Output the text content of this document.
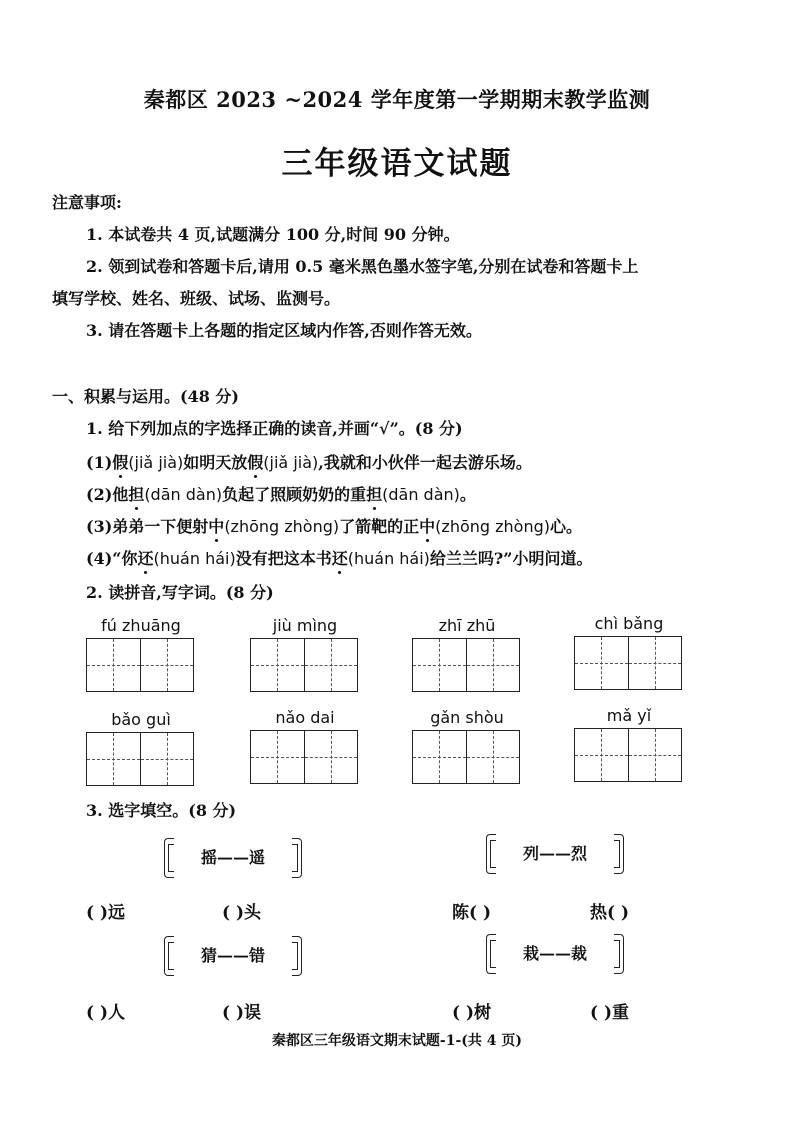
秦都区 2023 ~2024 学年度第一学期期末教学监测
三年级语文试题
注意事项:
1. 本试卷共 4 页,试题满分 100 分,时间 90 分钟。
2. 领到试卷和答题卡后,请用 0.5 毫米黑色墨水签字笔,分别在试卷和答题卡上
填写学校、姓名、班级、试场、监测号。
3. 请在答题卡上各题的指定区域内作答,否则作答无效。
一、积累与运用。(48 分)
1. 给下列加点的字选择正确的读音,并画“√”。(8 分)
(1)假(jiǎ jià)如明天放假(jiǎ jià),我就和小伙伴一起去游乐场。
(2)他担(dān dàn)负起了照顾奶奶的重担(dān dàn)。
(3)弟弟一下便射中(zhōng zhòng)了箭靶的正中(zhōng zhòng)心。
(4)“你还(huán hái)没有把这本书还(huán hái)给兰兰吗?”小明问道。
2. 读拼音,写字词。(8 分)
fú zhuāng	jiù mìng	zhī zhū	chì bǎng
bǎo guì	nǎo dai	gǎn shòu	mǎ yǐ
3. 选字填空。(8 分)
摇——遥	列——烈
猜——错	栽——裁
( )远	( )头	陈( )	热( )
( )人	( )误	( )树	( )重
秦都区三年级语文期末试题-1-(共 4 页)
